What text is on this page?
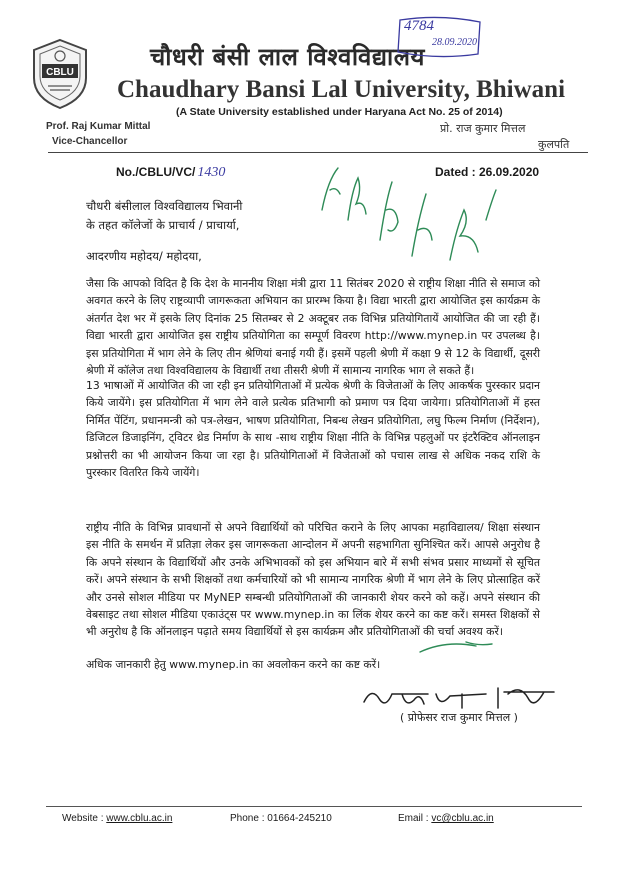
CBLU
चौधरी बंसी लाल विश्वविद्यालय
Chaudhary Bansi Lal University, Bhiwani
(A State University established under Haryana Act No. 25 of 2014)
Prof. Raj Kumar Mittal
Vice-Chancellor
प्रो. राज कुमार मित्तल
कुलपति
4784
28.09.2020
No./CBLU/VC/ 1430	Dated : 26.09.2020
चौधरी बंसीलाल विश्वविद्यालय भिवानी
के तहत कॉलेजों के प्राचार्य / प्राचार्या,
आदरणीय महोदय/ महोदया,
जैसा कि आपको विदित है कि देश के माननीय शिक्षा मंत्री द्वारा 11 सितंबर 2020 से राष्ट्रीय शिक्षा नीति से समाज को अवगत करने के लिए राष्ट्रव्यापी जागरूकता अभियान का प्रारम्भ किया है। विद्या भारती द्वारा आयोजित इस कार्यक्रम के अंतर्गत देश भर में इसके लिए दिनांक 25 सितम्बर से 2 अक्टूबर तक विभिन्न प्रतियोगितायें आयोजित की जा रही हैं। विद्या भारती द्वारा आयोजित इस राष्ट्रीय प्रतियोगिता का सम्पूर्ण विवरण http://www.mynep.in पर उपलब्ध है। इस प्रतियोगिता में भाग लेने के लिए तीन श्रेणियां बनाई गयी हैं। इसमें पहली श्रेणी में कक्षा 9 से 12 के विद्यार्थी, दूसरी श्रेणी में कॉलेज तथा विश्वविद्यालय के विद्यार्थी तथा तीसरी श्रेणी में सामान्य नागरिक भाग ले सकते हैं।
13 भाषाओं में आयोजित की जा रही इन प्रतियोगिताओं में प्रत्येक श्रेणी के विजेताओं के लिए आकर्षक पुरस्कार प्रदान किये जायेंगे। इस प्रतियोगिता में भाग लेने वाले प्रत्येक प्रतिभागी को प्रमाण पत्र दिया जायेगा। प्रतियोगिताओं में हस्त निर्मित पेंटिंग, प्रधानमन्त्री को पत्र-लेखन, भाषण प्रतियोगिता, निबन्ध लेखन प्रतियोगिता, लघु फिल्म निर्माण (निर्देशन), डिजिटल डिजाइनिंग, ट्विटर थ्रेड निर्माण के साथ -साथ राष्ट्रीय शिक्षा नीति के विभिन्न पहलुओं पर इंटरैक्टिव ऑनलाइन प्रश्नोत्तरी का भी आयोजन किया जा रहा है। प्रतियोगिताओं में विजेताओं को पचास लाख से अधिक नकद राशि के पुरस्कार वितरित किये जायेंगे।
राष्ट्रीय नीति के विभिन्न प्रावधानों से अपने विद्यार्थियों को परिचित कराने के लिए आपका महाविद्यालय/ शिक्षा संस्थान इस नीति के समर्थन में प्रतिज्ञा लेकर इस जागरूकता आन्दोलन में अपनी सहभागिता सुनिश्चित करें। आपसे अनुरोध है कि अपने संस्थान के विद्यार्थियों और उनके अभिभावकों को इस अभियान बारे में सभी संभव प्रसार माध्यमों से सूचित करें। अपने संस्थान के सभी शिक्षकों तथा कर्मचारियों को भी सामान्य नागरिक श्रेणी में भाग लेने के लिए प्रोत्साहित करें और उनसे सोशल मीडिया पर MyNEP सम्बन्धी प्रतियोगिताओं की जानकारी शेयर करने को कहें। अपने संस्थान की वेबसाइट तथा सोशल मीडिया एकाउंट्स पर www.mynep.in का लिंक शेयर करने का कष्ट करें। समस्त शिक्षकों से भी अनुरोध है कि ऑनलाइन पढ़ाते समय विद्यार्थियों से इस कार्यक्रम और प्रतियोगिताओं की चर्चा अवश्य करें।
अधिक जानकारी हेतु www.mynep.in का अवलोकन करने का कष्ट करें।
( प्रोफेसर राज कुमार मित्तल )
Website : www.cblu.ac.in	Phone : 01664-245210	Email : vc@cblu.ac.in
